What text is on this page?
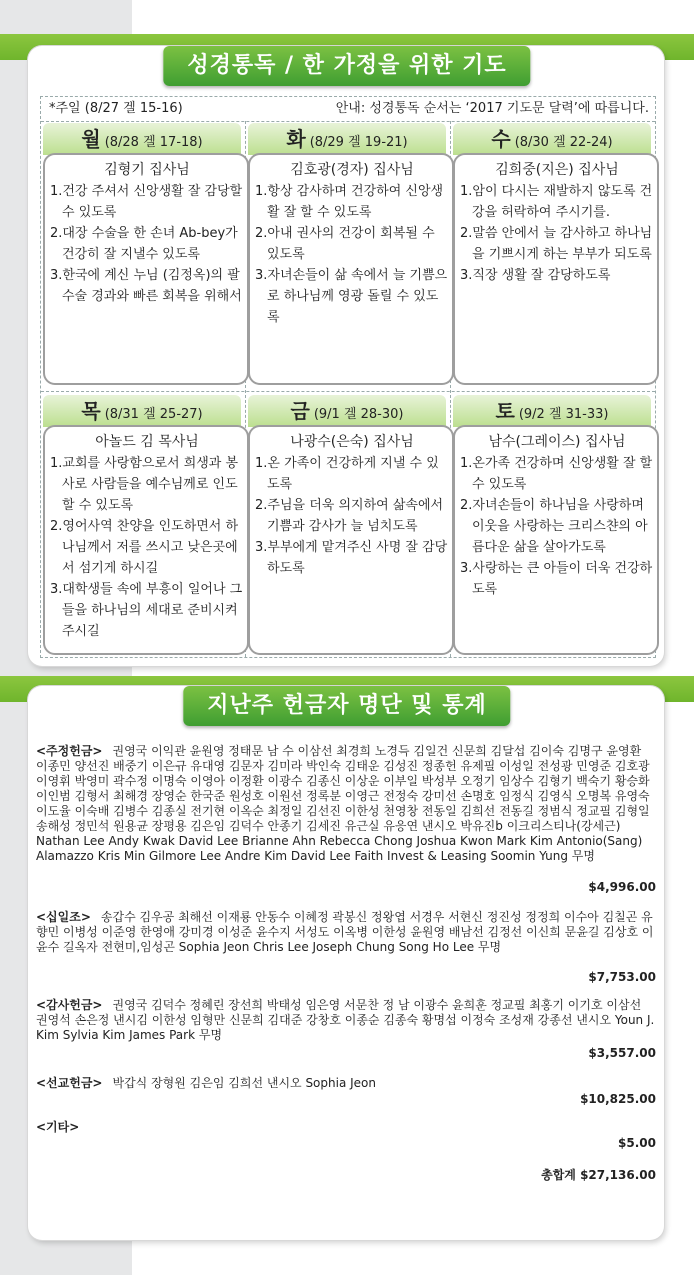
성경통독 / 한 가정을 위한 기도
*주일 (8/27 겔 15-16)	안내: 성경통독 순서는 ‘2017 기도문 달력’에 따릅니다.
월 (8/28 겔 17-18)
김형기 집사님
1.건강 주셔서 신앙생활 잘 감당할 수 있도록
2.대장 수술을 한 손녀 Ab-bey가 건강히 잘 지낼수 있도록
3.한국에 계신 누님 (김정옥)의 팔수술 경과와 빠른 회복을 위해서
화 (8/29 겔 19-21)
김호광(경자) 집사님
1.항상 감사하며 건강하여 신앙생활 잘 할 수 있도록
2.아내 권사의 건강이 회복될 수 있도록
3.자녀손들이 삶 속에서 늘 기쁨으로 하나님께 영광 돌릴 수 있도록
수 (8/30 겔 22-24)
김희중(지은) 집사님
1.암이 다시는 재발하지 않도록 건강을 허락하여 주시기를.
2.말씀 안에서 늘 감사하고 하나님을 기쁘시게 하는 부부가 되도록
3.직장 생활 잘 감당하도록
목 (8/31 겔 25-27)
아놀드 김 목사님
1.교회를 사랑함으로서 희생과 봉사로 사람들을 예수님께로 인도할 수 있도록
2.영어사역 찬양을 인도하면서 하나님께서 저를 쓰시고 낮은곳에서 섬기게 하시길
3.대학생들 속에 부흥이 일어나 그들을 하나님의 세대로 준비시켜주시길
금 (9/1 겔 28-30)
나광수(은숙) 집사님
1.온 가족이 건강하게 지낼 수 있도록
2.주님을 더욱 의지하여 삶속에서 기쁨과 감사가 늘 넘치도록
3.부부에게 맡겨주신 사명 잘 감당하도록
토 (9/2 겔 31-33)
남수(그레이스) 집사님
1.온가족 건강하며 신앙생활 잘 할 수 있도록
2.자녀손들이 하나님을 사랑하며 이웃을 사랑하는 크리스챤의 아름다운 삶을 살아가도록
3.사랑하는 큰 아들이 더욱 건강하도록
지난주 헌금자 명단 및 통계
<주정헌금> 권영국 이익관 윤원영 정태문 남 수 이삼선 최경희 노경득 김일건 신문희 김달섭 김이숙 김명구 윤영환 이종민 양선진 배중기 이은규 유대영 김문자 김미라 박인숙 김태운 김성진 정종헌 유제필 이성일 전성광 민영준 김호광 이영휘 박영미 곽수정 이명숙 이영아 이정환 이광수 김종신 이상운 이부일 박성부 오정기 임상수 김형기 백숙기 황승화 이인범 김형서 최해경 장영순 한국준 원성호 이원선 정록분 이영근 전정숙 강미선 손명호 임정식 김영식 오명복 유영숙 이도율 이숙배 김병수 김종실 전기현 이옥순 최정일 김선진 이한성 천영창 전동일 김희선 전동길 정범식 정교필 김형일 송해성 정민석 원용균 장평용 김은임 김덕수 안종기 김세진 유근실 유응연 낸시오 박유진b 이크리스티나(강세근) Nathan Lee Andy Kwak David Lee Brianne Ahn Rebecca Chong Joshua Kwon Mark Kim Antonio(Sang) Alamazzo Kris Min Gilmore Lee Andre Kim David Lee Faith Invest & Leasing Soomin Yung 무명
$4,996.00
<십일조> 송갑수 김우공 최해선 이재룡 안동수 이혜정 곽봉신 정왕엽 서경우 서현신 정진성 정정희 이수아 김칠곤 유향민 이병성 이준영 한영애 강미경 이성준 윤수지 서성도 이옥병 이한성 윤원영 배남선 김정선 이신희 문윤길 김상호 이윤수 길옥자 전현미,임성곤 Sophia Jeon Chris Lee Joseph Chung Song Ho Lee 무명
$7,753.00
<감사헌금> 권영국 김덕수 정혜린 장선희 박태성 임은영 서문찬 정 남 이광수 윤희훈 정교필 최홍기 이기호 이삼선 권영석 손은정 낸시김 이한성 임형만 신문희 김대준 강창호 이종순 김종숙 황명섭 이정숙 조성재 강종선 낸시오 Youn J. Kim Sylvia Kim James Park 무명
$3,557.00
<선교헌금> 박갑식 장형원 김은임 김희선 낸시오 Sophia Jeon
$10,825.00
<기타>
$5.00
총합계 $27,136.00
